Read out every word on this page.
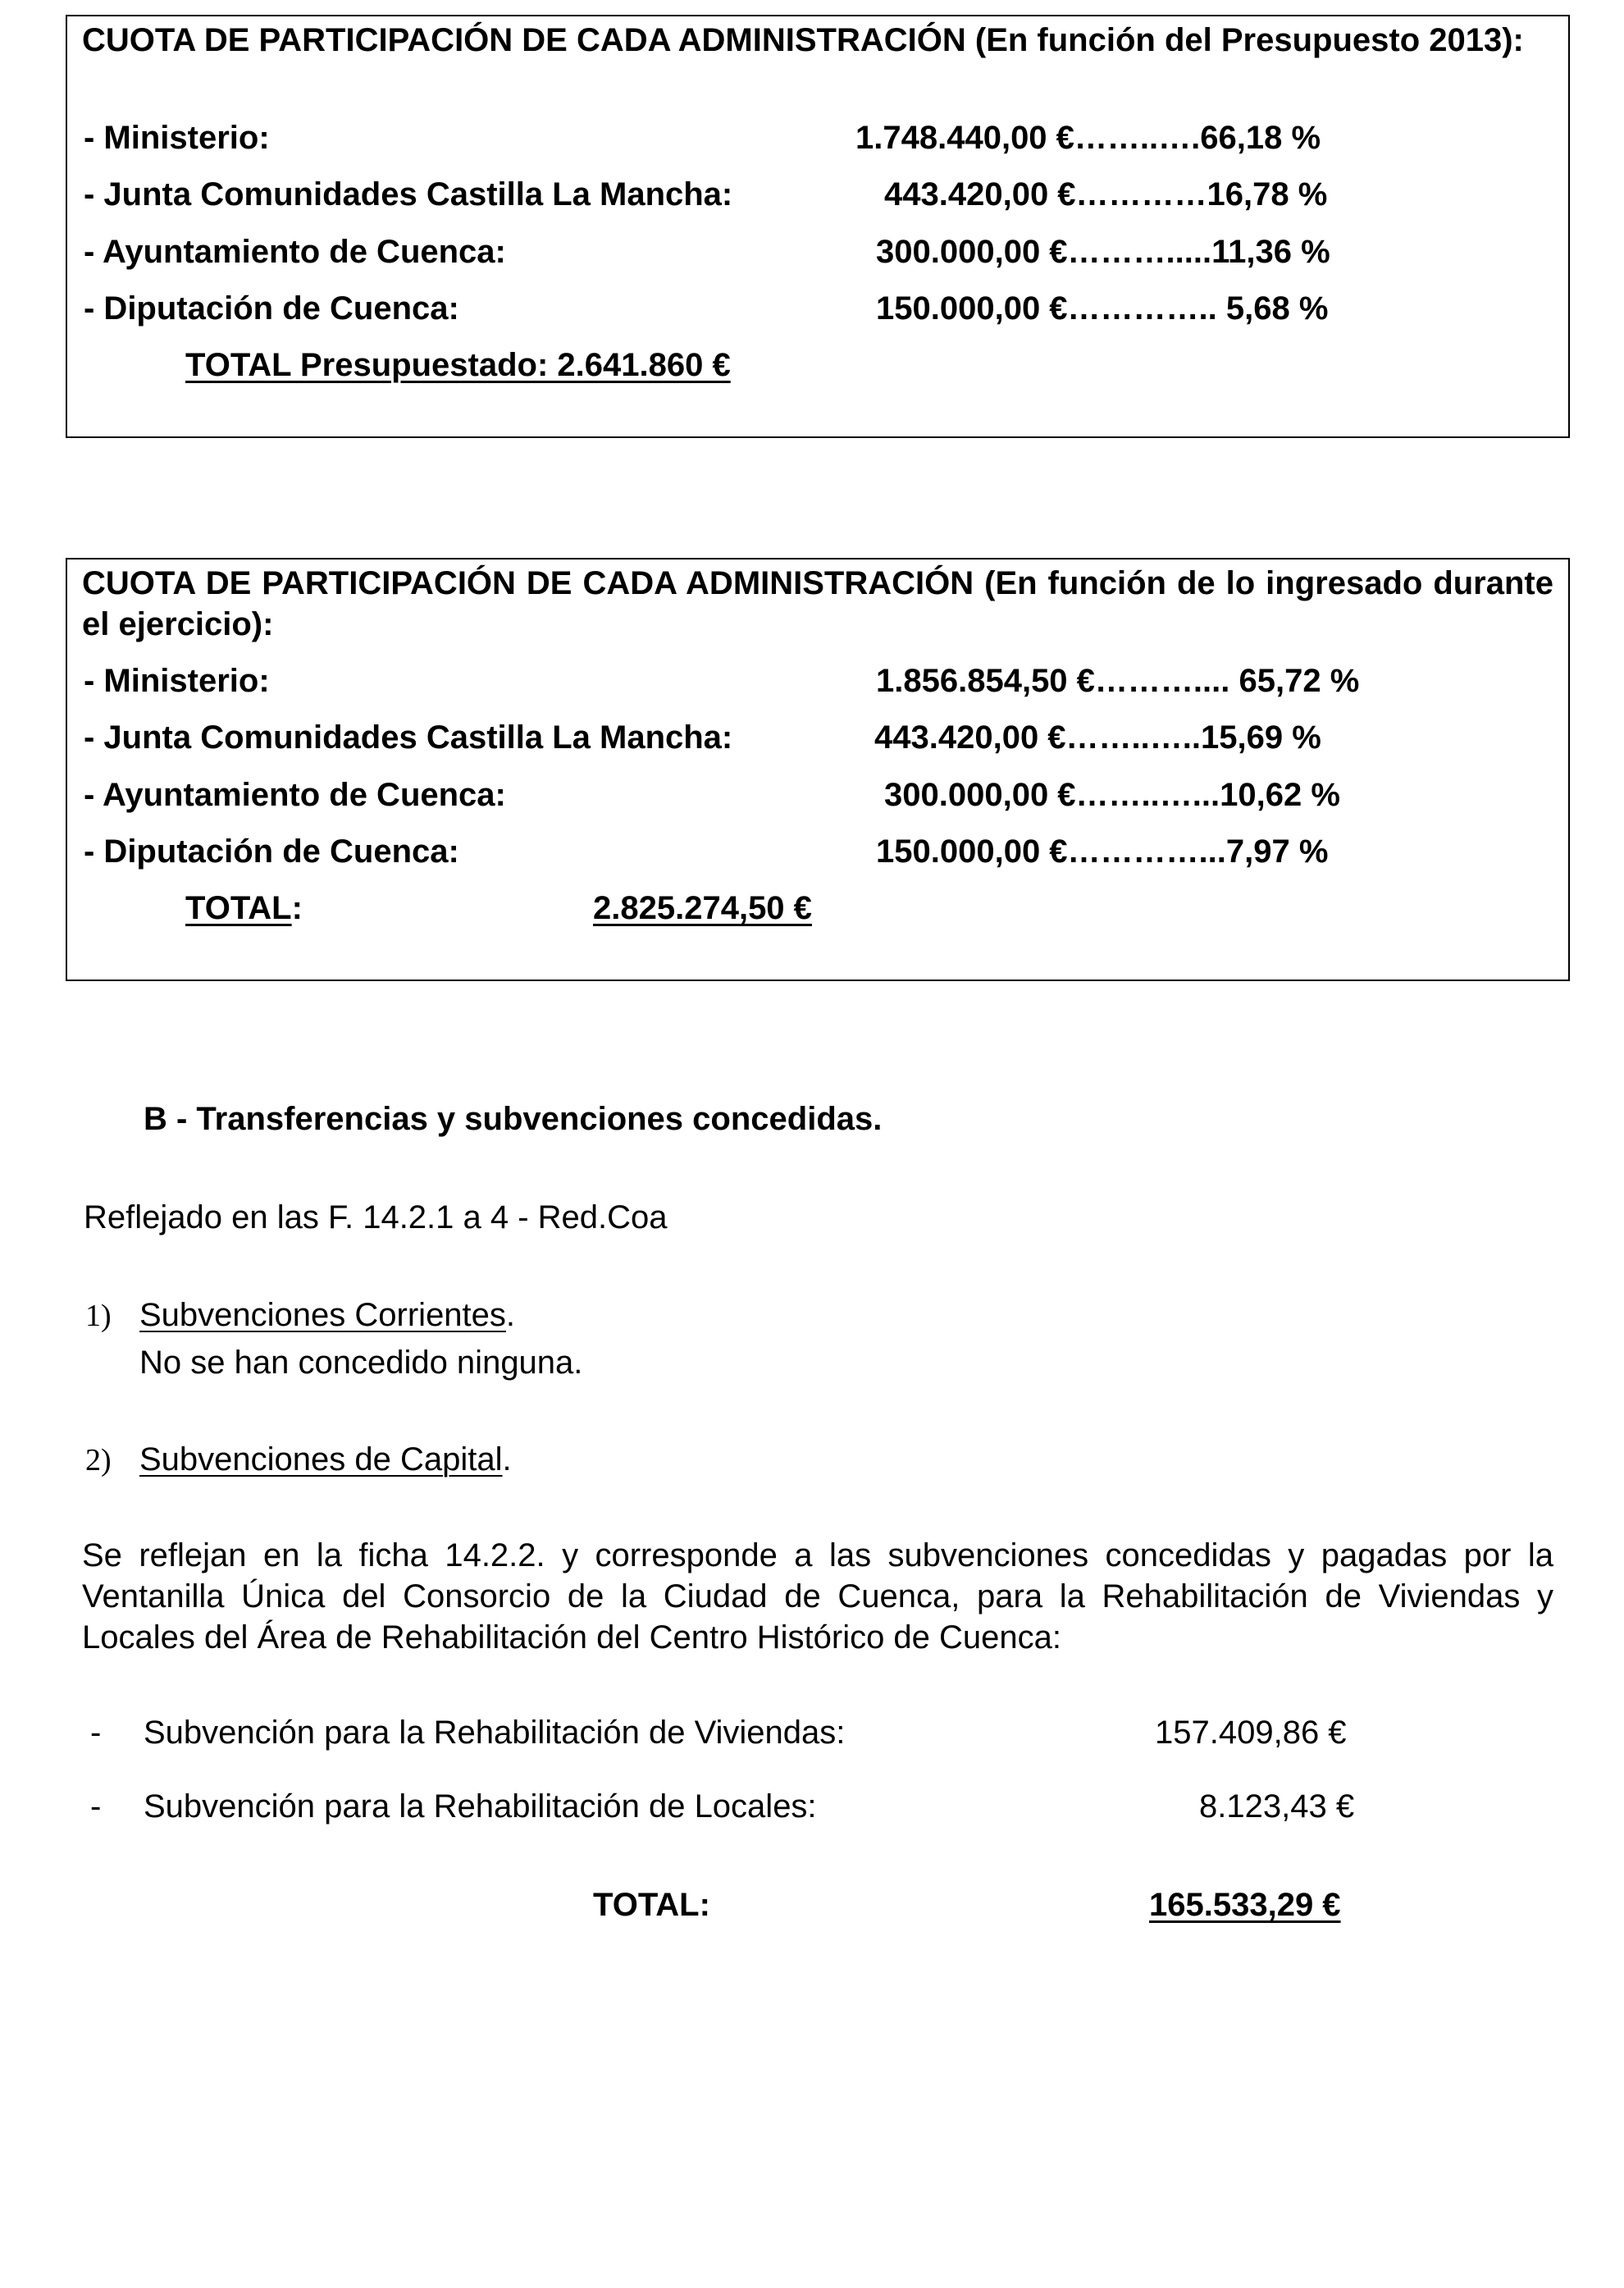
CUOTA DE PARTICIPACIÓN DE CADA ADMINISTRACIÓN (En función del Presupuesto 2013):
- Ministerio:	1.748.440,00 €……..….66,18 %
- Junta Comunidades Castilla La Mancha:	443.420,00 €…………16,78 %
- Ayuntamiento de Cuenca:	300.000,00 €……….....11,36 %
- Diputación de Cuenca:	150.000,00 €………….. 5,68 %
TOTAL Presupuestado: 2.641.860 €
CUOTA DE PARTICIPACIÓN DE CADA ADMINISTRACIÓN (En función de lo ingresado durante el ejercicio):
- Ministerio:	1.856.854,50 €……….... 65,72 %
- Junta Comunidades Castilla La Mancha:	443.420,00 €……..…..15,69 %
- Ayuntamiento de Cuenca:	300.000,00 €……..…...10,62 %
- Diputación de Cuenca:	150.000,00 €…………...7,97 %
TOTAL:	2.825.274,50 €
B - Transferencias y subvenciones concedidas.
Reflejado en las F. 14.2.1 a 4 - Red.Coa
1) Subvenciones Corrientes.
No se han concedido ninguna.
2) Subvenciones de Capital.
Se reflejan en la ficha 14.2.2. y corresponde a las subvenciones concedidas y pagadas por la Ventanilla Única del Consorcio de la Ciudad de Cuenca, para la Rehabilitación de Viviendas y Locales del Área de Rehabilitación del Centro Histórico de Cuenca:
- Subvención para la Rehabilitación de Viviendas:	157.409,86 €
- Subvención para la Rehabilitación de Locales:	8.123,43 €
TOTAL:	165.533,29 €
